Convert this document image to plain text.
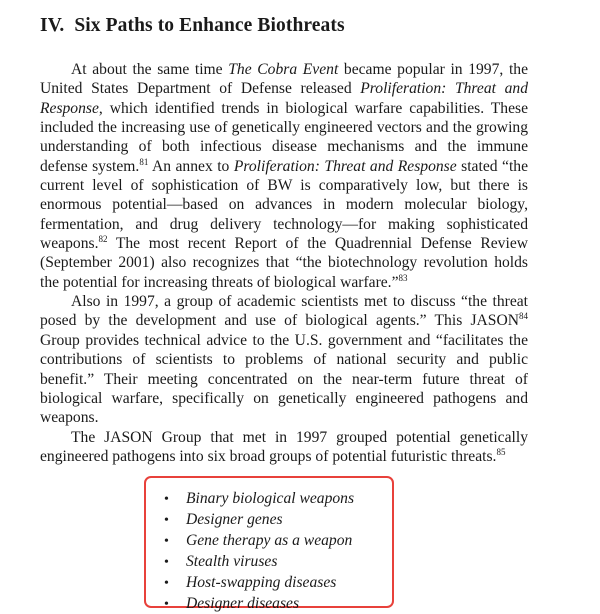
IV. Six Paths to Enhance Biothreats

At about the same time The Cobra Event became popular in 1997, the United States Department of Defense released Proliferation: Threat and Response, which identified trends in biological warfare capabilities. These included the increasing use of genetically engineered vectors and the growing understanding of both infectious disease mechanisms and the immune defense system.$^{81}$ An annex to Proliferation: Threat and Response stated “the current level of sophistication of BW is comparatively low, but there is enormous potential—based on advances in modern molecular biology, fermentation, and drug delivery technology—for making sophisticated weapons.$^{82}$ The most recent Report of the Quadrennial Defense Review (September 2001) also recognizes that “the biotechnology revolution holds the potential for increasing threats of biological warfare.”$^{83}$

Also in 1997, a group of academic scientists met to discuss “the threat posed by the development and use of biological agents.” This JASON$^{84}$ Group provides technical advice to the U.S. government and “facilitates the contributions of scientists to problems of national security and public benefit.” Their meeting concentrated on the near-term future threat of biological warfare, specifically on genetically engineered pathogens and weapons.

The JASON Group that met in 1997 grouped potential genetically engineered pathogens into six broad groups of potential futuristic threats.$^{85}$

• Binary biological weapons
• Designer genes
• Gene therapy as a weapon
• Stealth viruses
• Host-swapping diseases
• Designer diseases
